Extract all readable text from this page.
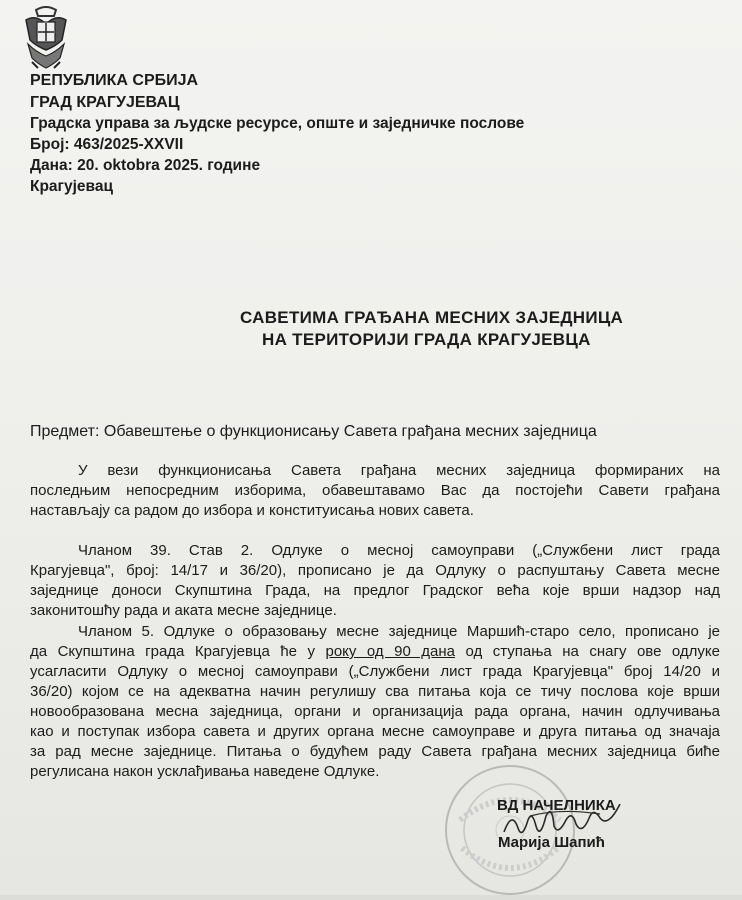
РЕПУБЛИКА СРБИЈА
ГРАД КРАГУЈЕВАЦ
Градска управа за људске ресурсе, опште и заједничке послове
Број: 463/2025-XXVII
Дана: 20. oktobra 2025. године
Крагујевац
САВЕТИМА ГРАЂАНА МЕСНИХ ЗАЈЕДНИЦА
НА ТЕРИТОРИЈИ ГРАДА КРАГУЈЕВЦА
Предмет: Обавештење о функционисању Савета грађана месних заједница
У вези функционисања Савета грађана месних заједница формираних на
последњим непосредним изборима, обавештавамо Вас да постојећи Савети грађана
настављају са радом до избора и конституисања нових савета.
Чланом 39. Став 2. Одлуке о месној самоуправи („Службени лист града
Крагујевца", број: 14/17 и 36/20), прописано је да Одлуку о распуштању Савета месне
заједнице доноси Скупштина Града, на предлог Градског већа које врши надзор над
законитошћу рада и аката месне заједнице.
Чланом 5. Одлуке о образовању месне заједнице Маршић-старо село, прописано је
да Скупштина града Крагујевца ће у року од 90 дана од ступања на снагу ове одлуке
усагласити Одлуку о месној самоуправи („Службени лист града Крагујевца" број 14/20 и
36/20) којом се на адекватна начин регулишу сва питања која се тичу послова које врши
новообразована месна заједница, органи и организација рада органа, начин одлучивања
као и поступак избора савета и других органа месне самоуправе и друга питања од значаја
за рад месне заједнице. Питања о будућем раду Савета грађана месних заједница биће
регулисана након усклађивања наведене Одлуке.
ВД НАЧЕЛНИКА
Марија Шапић
